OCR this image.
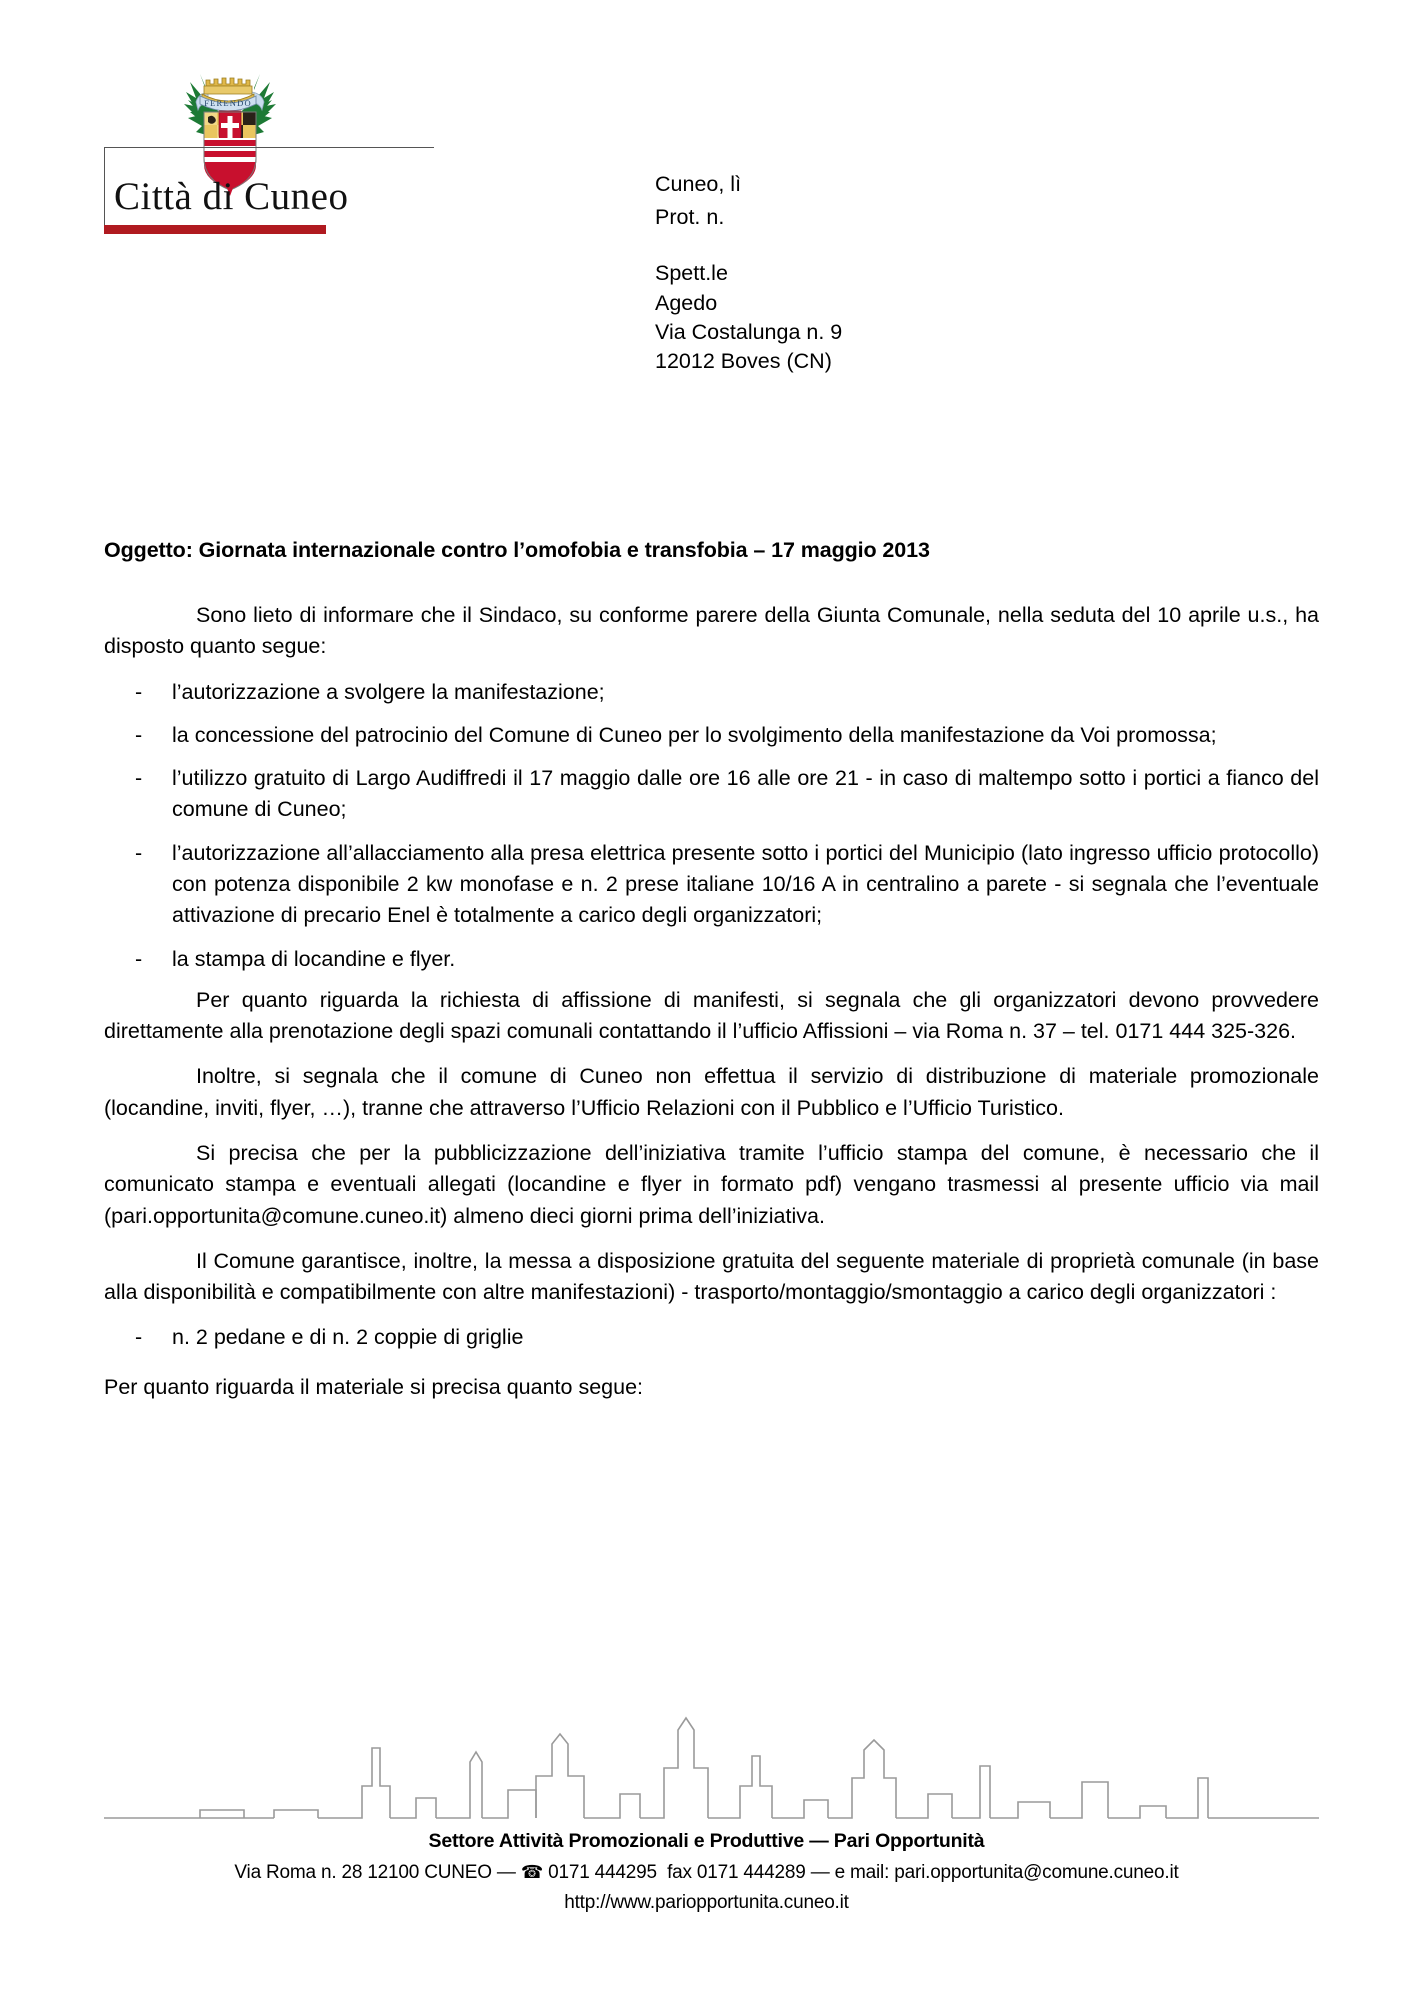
FERENDO
Città di Cuneo	Cuneo, lì
Prot. n.
Spett.le
Agedo
Via Costalunga n. 9
12012 Boves (CN)
Oggetto: Giornata internazionale contro l’omofobia e transfobia – 17 maggio 2013

Sono lieto di informare che il Sindaco, su conforme parere della Giunta Comunale, nella seduta del 10 aprile u.s., ha disposto quanto segue:

- l’autorizzazione a svolgere la manifestazione;
- la concessione del patrocinio del Comune di Cuneo per lo svolgimento della manifestazione da Voi promossa;
- l’utilizzo gratuito di Largo Audiffredi il 17 maggio dalle ore 16 alle ore 21 - in caso di maltempo sotto i portici a fianco del comune di Cuneo;
- l’autorizzazione all’allacciamento alla presa elettrica presente sotto i portici del Municipio (lato ingresso ufficio protocollo) con potenza disponibile 2 kw monofase e n. 2 prese italiane 10/16 A in centralino a parete - si segnala che l’eventuale attivazione di precario Enel è totalmente a carico degli organizzatori;
- la stampa di locandine e flyer.

Per quanto riguarda la richiesta di affissione di manifesti, si segnala che gli organizzatori devono provvedere direttamente alla prenotazione degli spazi comunali contattando il l’ufficio Affissioni – via Roma n. 37 – tel. 0171 444 325-326.

Inoltre, si segnala che il comune di Cuneo non effettua il servizio di distribuzione di materiale promozionale (locandine, inviti, flyer, …), tranne che attraverso l’Ufficio Relazioni con il Pubblico e l’Ufficio Turistico.

Si precisa che per la pubblicizzazione dell’iniziativa tramite l’ufficio stampa del comune, è necessario che il comunicato stampa e eventuali allegati (locandine e flyer in formato pdf) vengano trasmessi al presente ufficio via mail (pari.opportunita@comune.cuneo.it) almeno dieci giorni prima dell’iniziativa.

Il Comune garantisce, inoltre, la messa a disposizione gratuita del seguente materiale di proprietà comunale (in base alla disponibilità e compatibilmente con altre manifestazioni) - trasporto/montaggio/smontaggio a carico degli organizzatori :

- n. 2 pedane e di n. 2 coppie di griglie

Per quanto riguarda il materiale si precisa quanto segue:

Settore Attività Promozionali e Produttive — Pari Opportunità
Via Roma n. 28 12100 CUNEO — ☎ 0171 444295 fax 0171 444289 — e mail: pari.opportunita@comune.cuneo.it
http://www.pariopportunita.cuneo.it
